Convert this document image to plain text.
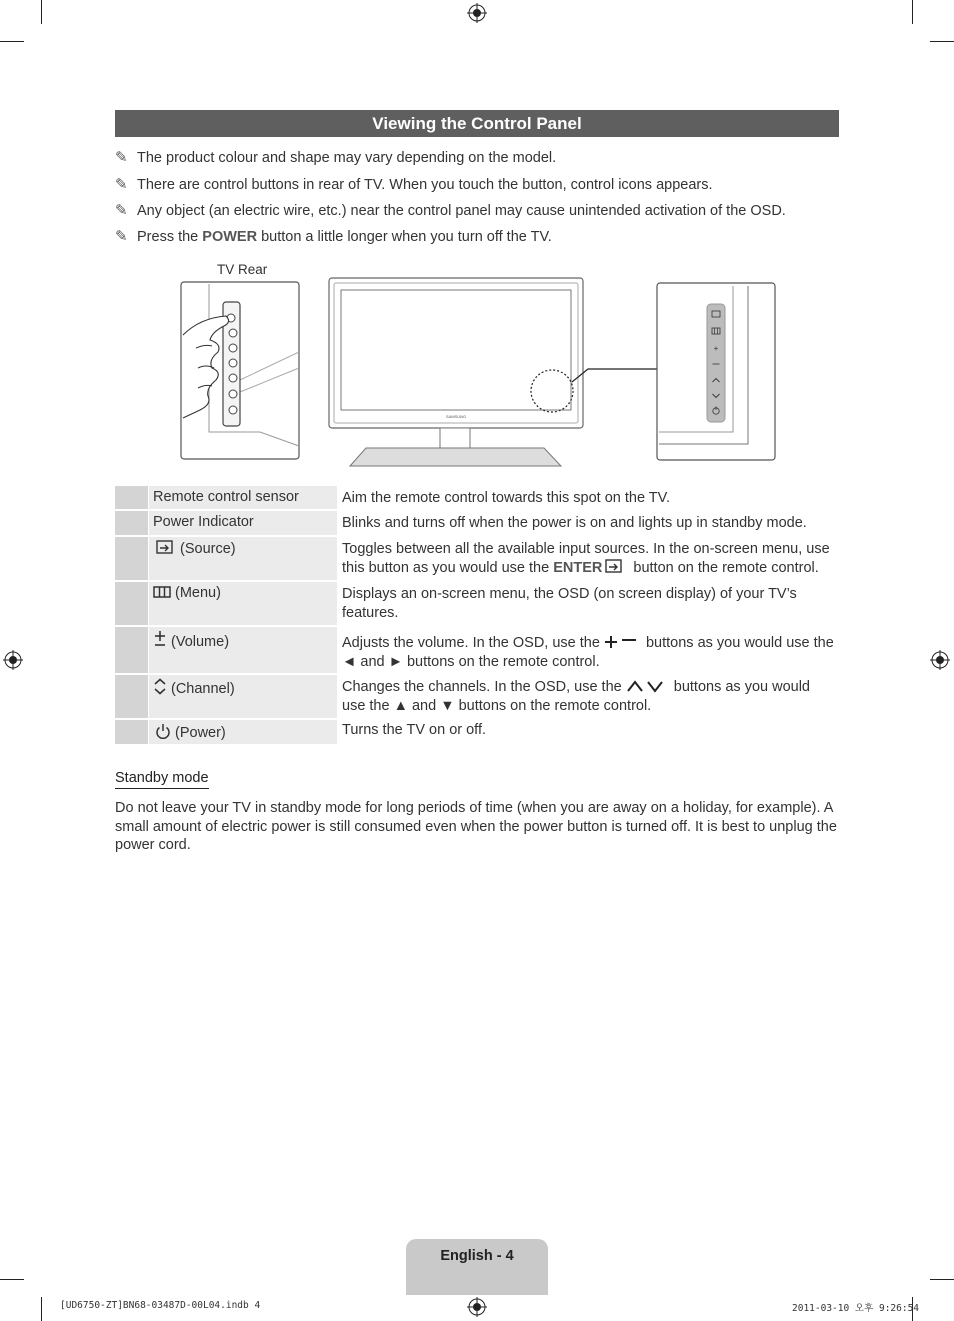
Viewing the Control Panel
✎ The product colour and shape may vary depending on the model.
✎ There are control buttons in rear of TV. When you touch the button, control icons appears.
✎ Any object (an electric wire, etc.) near the control panel may cause unintended activation of the OSD.
✎ Press the POWER button a little longer when you turn off the TV.
TV Rear
SAMSUNG
+
Remote control sensor	Aim the remote control towards this spot on the TV.
Power Indicator	Blinks and turns off when the power is on and lights up in standby mode.
(Source)	Toggles between all the available input sources. In the on-screen menu, use this button as you would use the ENTER button on the remote control.
(Menu)	Displays an on-screen menu, the OSD (on screen display) of your TV’s features.
(Volume)	Adjusts the volume. In the OSD, use the	buttons as you would use the ◄ and ► buttons on the remote control.
(Channel)	Changes the channels. In the OSD, use the	buttons as you would use the ▲ and ▼ buttons on the remote control.
(Power)	Turns the TV on or off.
Standby mode
Do not leave your TV in standby mode for long periods of time (when you are away on a holiday, for example). A small amount of electric power is still consumed even when the power button is turned off. It is best to unplug the power cord.
English - 4
[UD6750-ZT]BN68-03487D-00L04.indb 4	2011-03-10 오후 9:26:54
